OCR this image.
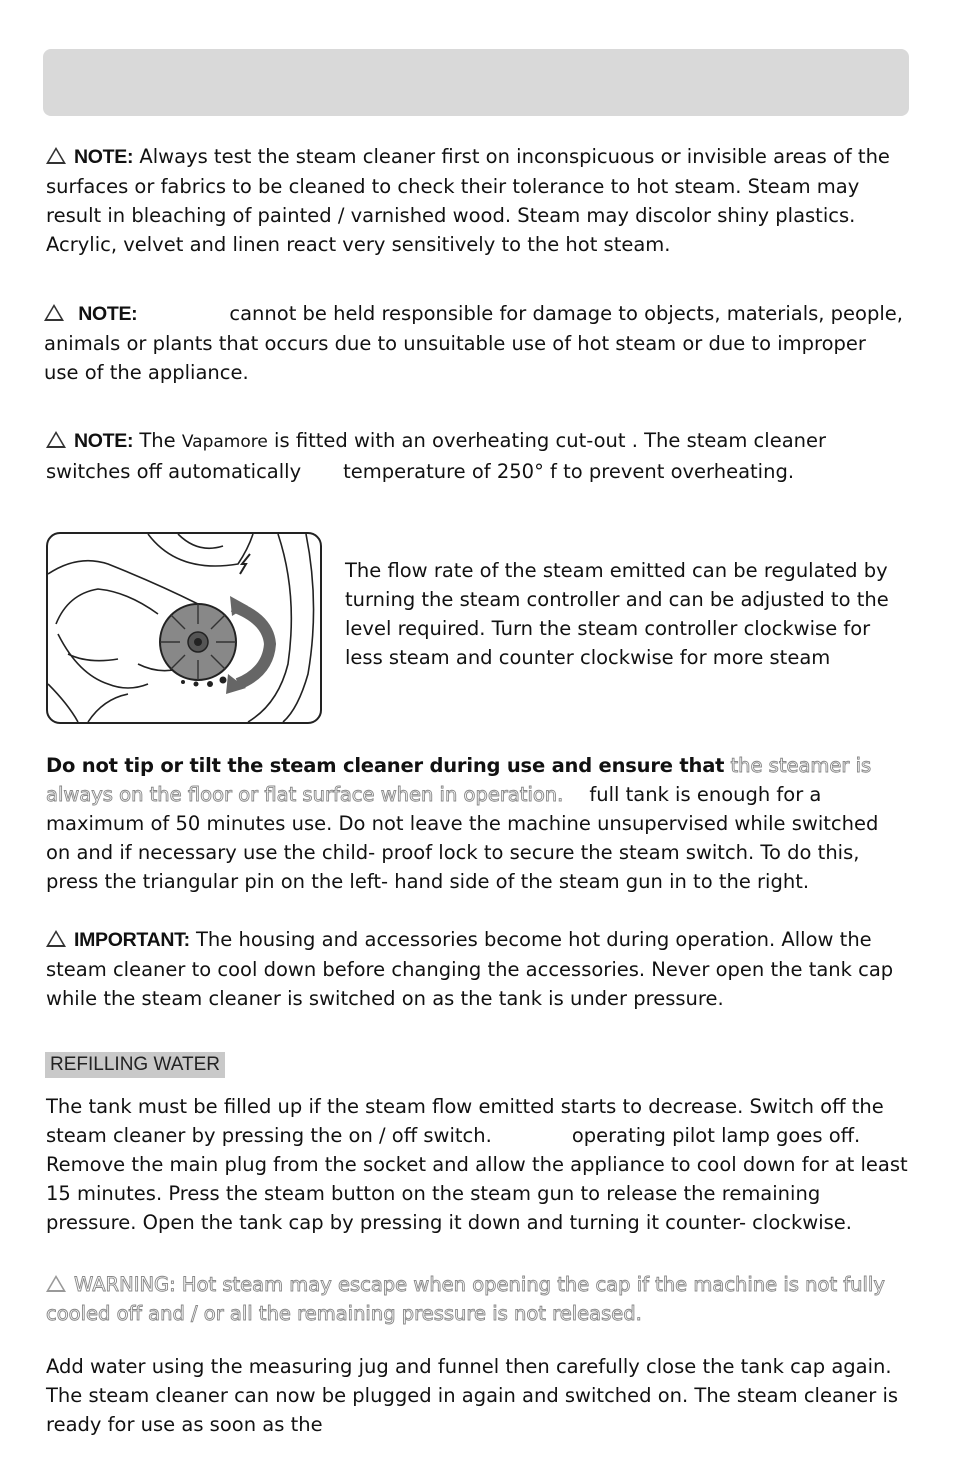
NOTE: Always test the steam cleaner first on inconspicuous or invisible areas of the surfaces or fabrics to be cleaned to check their tolerance to hot steam. Steam may result in bleaching of painted / varnished wood. Steam may discolor shiny plastics. Acrylic, velvet and linen react very sensitively to the hot steam.

NOTE:	cannot be held responsible for damage to objects, materials, people, animals or plants that occurs due to unsuitable use of hot steam or due to improper use of the appliance.

NOTE: The Vapamore is fitted with an overheating cut-out . The steam cleaner switches off automatically temperature of 250° f to prevent overheating.

The flow rate of the steam emitted can be regulated by turning the steam controller and can be adjusted to the level required. Turn the steam controller clockwise for less steam and counter clockwise for more steam

Do not tip or tilt the steam cleaner during use and ensure that the steamer is always on the floor or flat surface when in operation. full tank is enough for a maximum of 50 minutes use. Do not leave the machine unsupervised while switched on and if necessary use the child- proof lock to secure the steam switch. To do this, press the triangular pin on the left- hand side of the steam gun in to the right.

IMPORTANT: The housing and accessories become hot during operation. Allow the steam cleaner to cool down before changing the accessories. Never open the tank cap while the steam cleaner is switched on as the tank is under pressure.

REFILLING WATER

The tank must be filled up if the steam flow emitted starts to decrease. Switch off the steam cleaner by pressing the on / off switch.	operating pilot lamp goes off. Remove the main plug from the socket and allow the appliance to cool down for at least 15 minutes. Press the steam button on the steam gun to release the remaining pressure. Open the tank cap by pressing it down and turning it counter- clockwise.

WARNING: Hot steam may escape when opening the cap if the machine is not fully cooled off and / or all the remaining pressure is not released.

Add water using the measuring jug and funnel then carefully close the tank cap again. The steam cleaner can now be plugged in again and switched on. The steam cleaner is ready for use as soon as the
